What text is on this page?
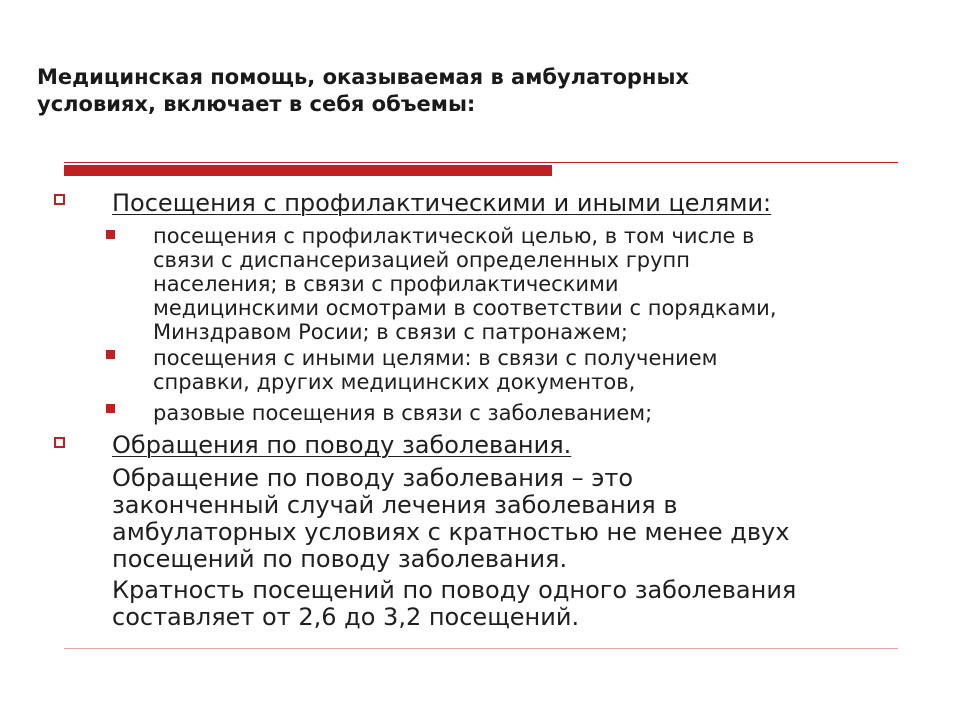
Медицинская помощь, оказываемая в амбулаторных
условиях, включает в себя объемы:
Посещения с профилактическими и иными целями:
посещения с профилактической целью, в том числе в
связи с диспансеризацией определенных групп
населения; в связи с профилактическими
медицинскими осмотрами в соответствии с порядками,
Минздравом Росии; в связи с патронажем;
посещения с иными целями: в связи с получением
справки, других медицинских документов,
разовые посещения в связи с заболеванием;
Обращения по поводу заболевания.
Обращение по поводу заболевания – это
законченный случай лечения заболевания в
амбулаторных условиях с кратностью не менее двух
посещений по поводу заболевания.
Кратность посещений по поводу одного заболевания
составляет от 2,6 до 3,2 посещений.
